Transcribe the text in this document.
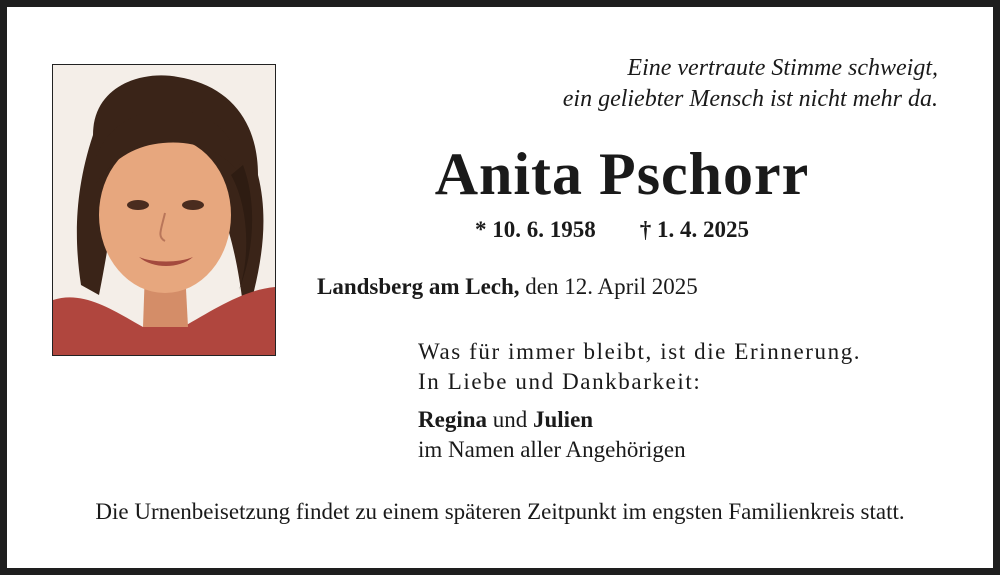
Eine vertraute Stimme schweigt,
ein geliebter Mensch ist nicht mehr da.
Anita Pschorr
* 10. 6. 1958 † 1. 4. 2025
Landsberg am Lech, den 12. April 2025
Was für immer bleibt, ist die Erinnerung.
In Liebe und Dankbarkeit:
Regina und Julien
im Namen aller Angehörigen
Die Urnenbeisetzung findet zu einem späteren Zeitpunkt im engsten Familienkreis statt.
